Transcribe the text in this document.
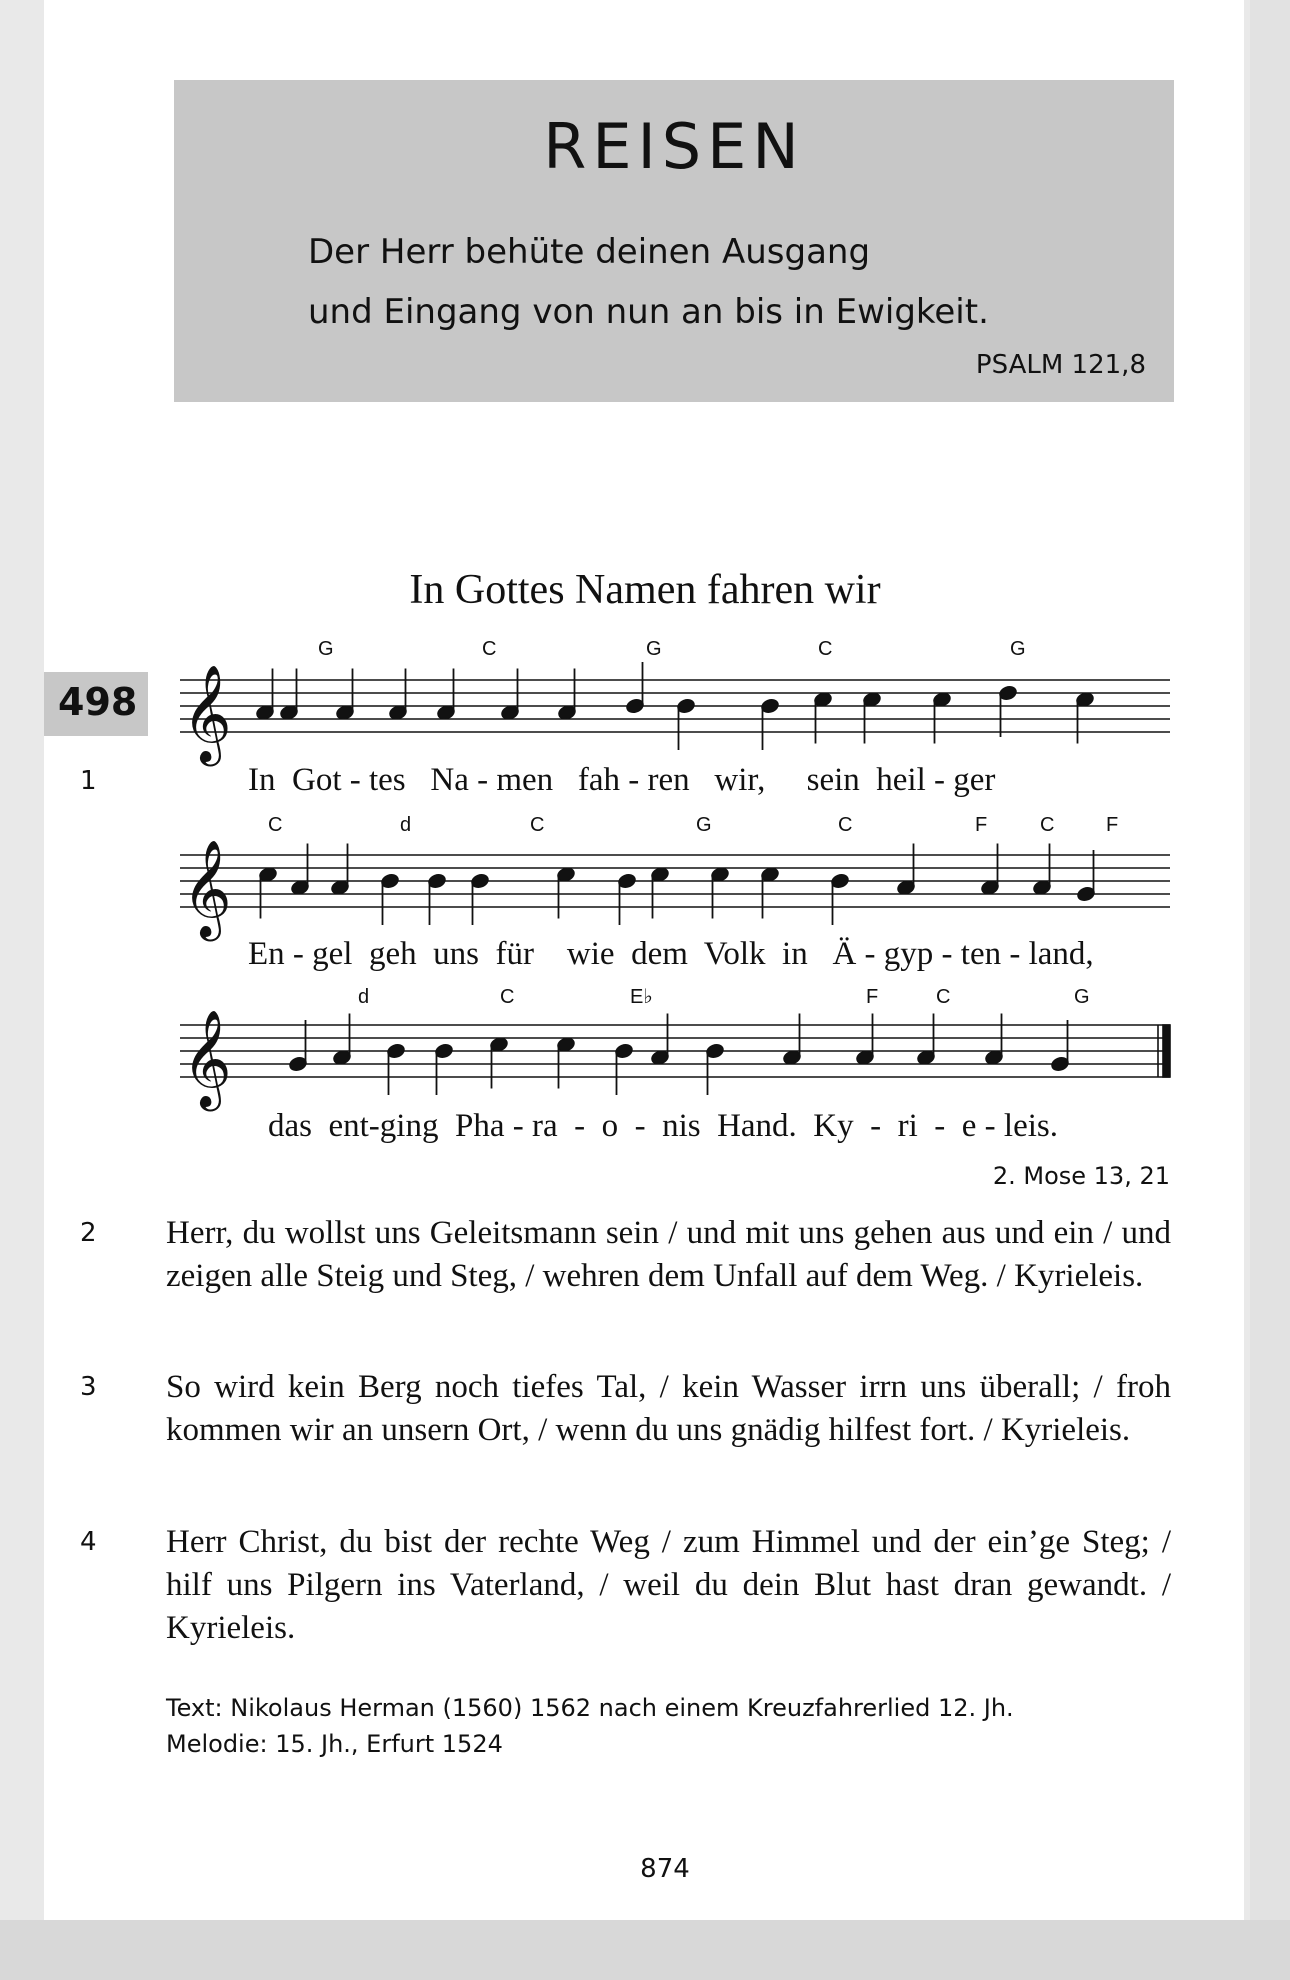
REISEN
Der Herr behüte deinen Ausgang
und Eingang von nun an bis in Ewigkeit.
PSALM 121,8
In Gottes Namen fahren wir
498 𝄞
𝄞
𝄞
G	C	G	C	G
C	d	C	G	C	F	C	F
d	C	E♭	F	C	G
1	In  Got - tes   Na - men   fah - ren   wir,     sein  heil - ger
En - gel  geh  uns  für    wie  dem  Volk  in   Ä - gyp - ten - land,
das  ent-ging  Pha - ra  -  o  -  nis  Hand.  Ky  -  ri  -  e - leis.
2. Mose 13, 21
2 Herr, du wollst uns Geleitsmann sein / und mit uns gehen aus und ein / und zeigen alle Steig und Steg, / wehren dem Unfall auf dem Weg. / Kyrieleis.
3 So wird kein Berg noch tiefes Tal, / kein Wasser irrn uns überall; / froh kommen wir an unsern Ort, / wenn du uns gnädig hilfest fort. / Kyrieleis.
4 Herr Christ, du bist der rechte Weg / zum Himmel und der ein’ge Steg; / hilf uns Pilgern ins Vaterland, / weil du dein Blut hast dran gewandt. / Kyrieleis.
Text: Nikolaus Herman (1560) 1562 nach einem Kreuzfahrerlied 12. Jh.
Melodie: 15. Jh., Erfurt 1524
874
